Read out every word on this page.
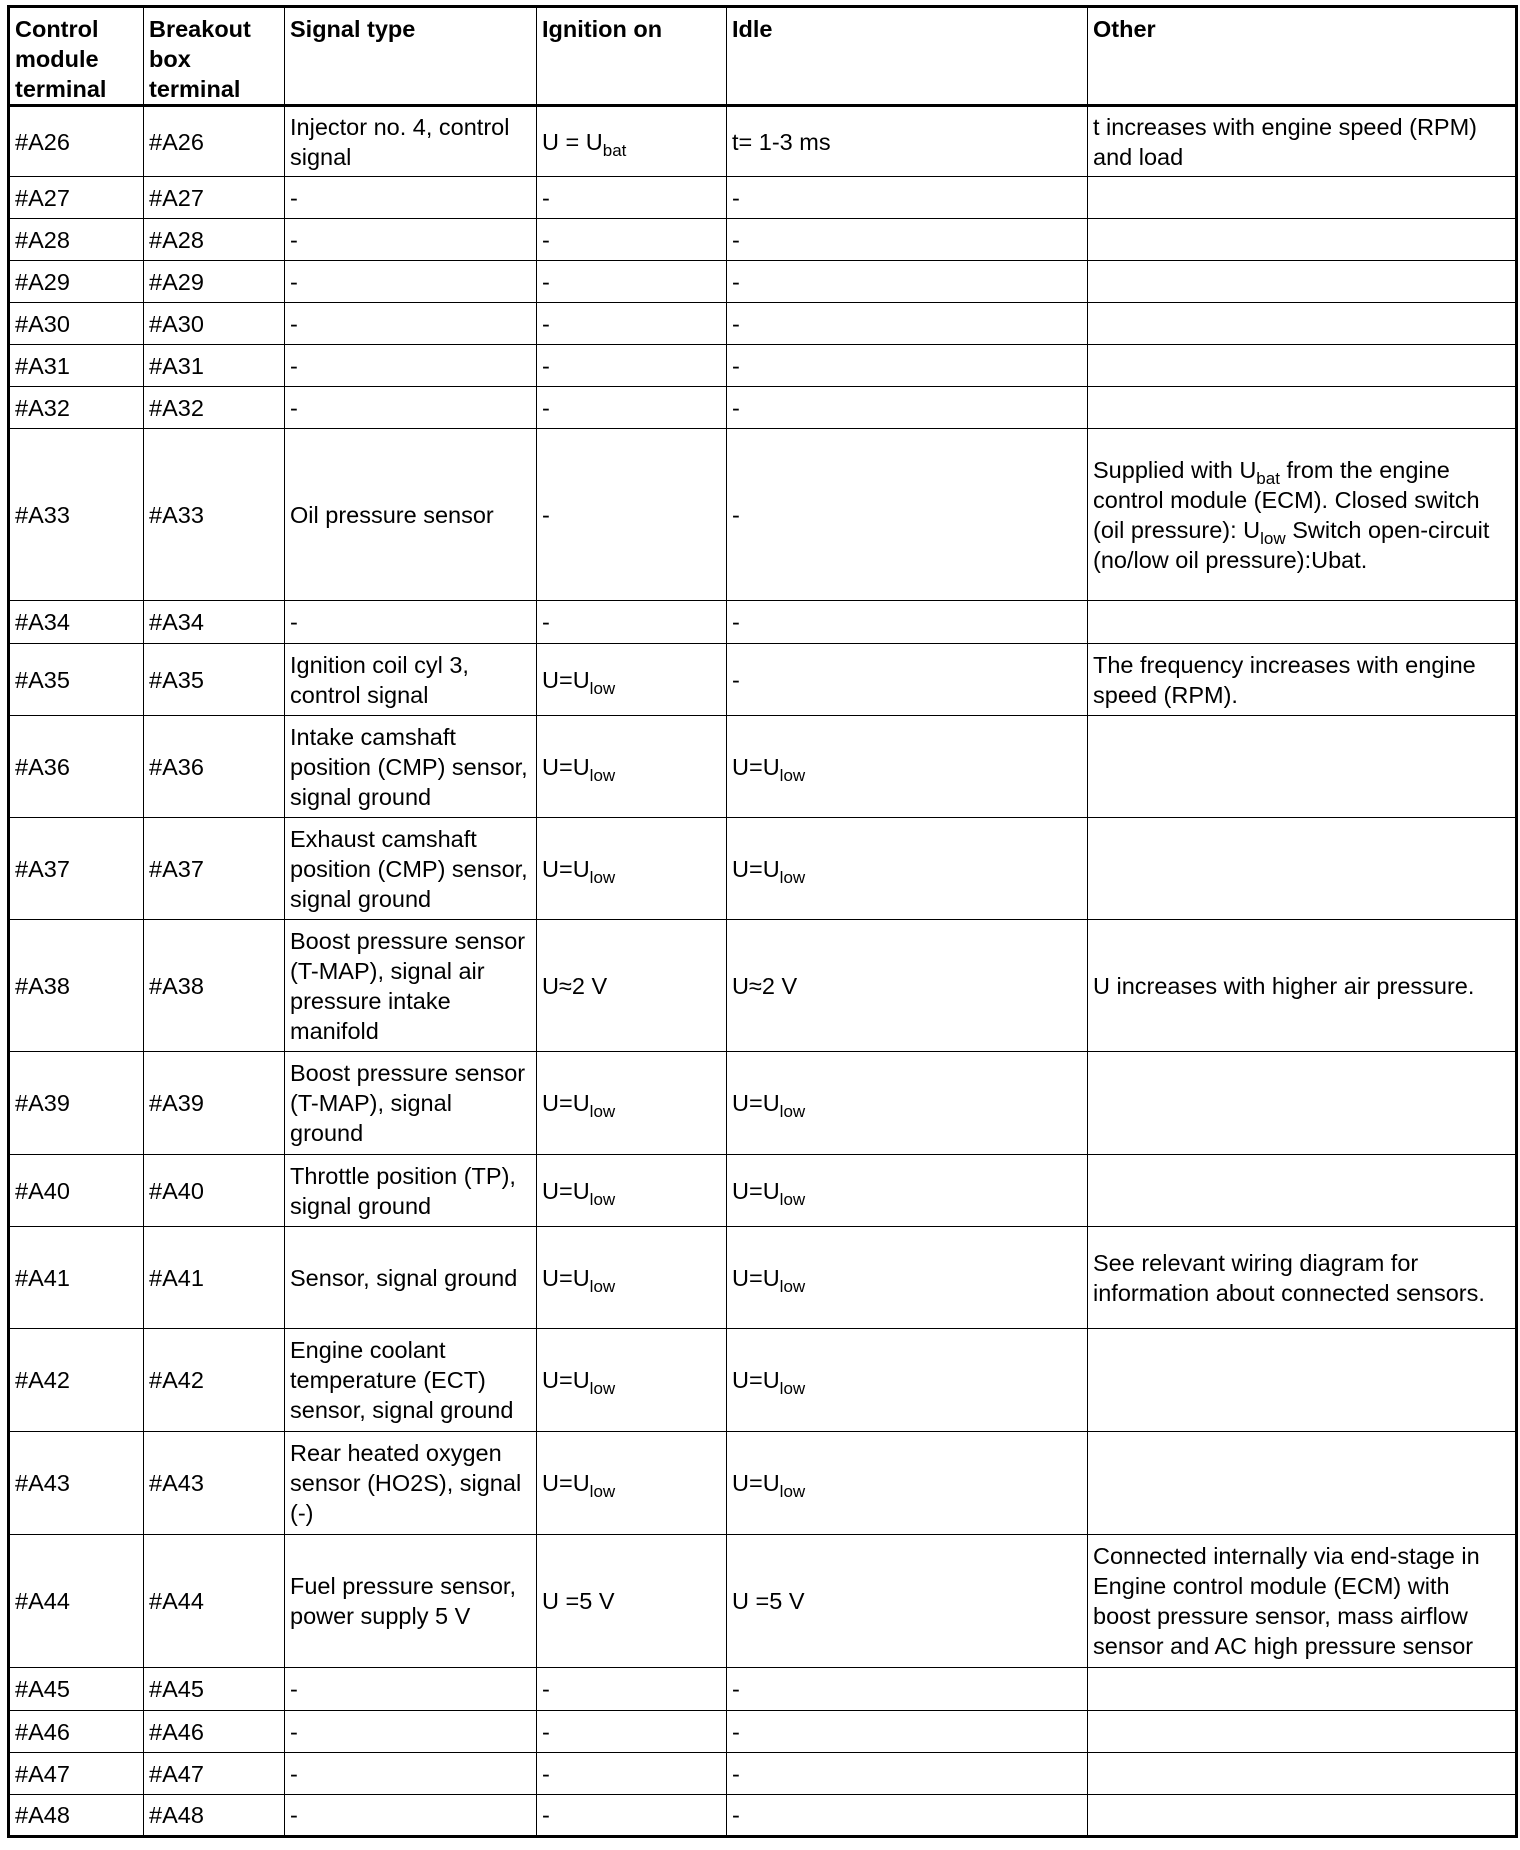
Control module terminal	Breakout box terminal	Signal type	Ignition on	Idle	Other
#A26	#A26	Injector no. 4, control signal	$U = U_{bat}$	t= 1-3 ms	t increases with engine speed (RPM) and load
#A27	#A27	-	-	-	
#A28	#A28	-	-	-	
#A29	#A29	-	-	-	
#A30	#A30	-	-	-	
#A31	#A31	-	-	-	
#A32	#A32	-	-	-	
#A33	#A33	Oil pressure sensor	-	-	Supplied with $U_{bat}$ from the engine control module (ECM). Closed switch (oil pressure): $U_{low}$ Switch open-circuit (no/low oil pressure):Ubat.
#A34	#A34	-	-	-	
#A35	#A35	Ignition coil cyl 3, control signal	$U=U_{low}$	-	The frequency increases with engine speed (RPM).
#A36	#A36	Intake camshaft position (CMP) sensor, signal ground	$U=U_{low}$	$U=U_{low}$	
#A37	#A37	Exhaust camshaft position (CMP) sensor, signal ground	$U=U_{low}$	$U=U_{low}$	
#A38	#A38	Boost pressure sensor (T-MAP), signal air pressure intake manifold	U≈2 V	U≈2 V	U increases with higher air pressure.
#A39	#A39	Boost pressure sensor (T-MAP), signal ground	$U=U_{low}$	$U=U_{low}$	
#A40	#A40	Throttle position (TP), signal ground	$U=U_{low}$	$U=U_{low}$	
#A41	#A41	Sensor, signal ground	$U=U_{low}$	$U=U_{low}$	See relevant wiring diagram for information about connected sensors.
#A42	#A42	Engine coolant temperature (ECT) sensor, signal ground	$U=U_{low}$	$U=U_{low}$	
#A43	#A43	Rear heated oxygen sensor (HO2S), signal (-)	$U=U_{low}$	$U=U_{low}$	
#A44	#A44	Fuel pressure sensor, power supply 5 V	U =5 V	U =5 V	Connected internally via end-stage in Engine control module (ECM) with boost pressure sensor, mass airflow sensor and AC high pressure sensor
#A45	#A45	-	-	-	
#A46	#A46	-	-	-	
#A47	#A47	-	-	-	
#A48	#A48	-	-	-	
